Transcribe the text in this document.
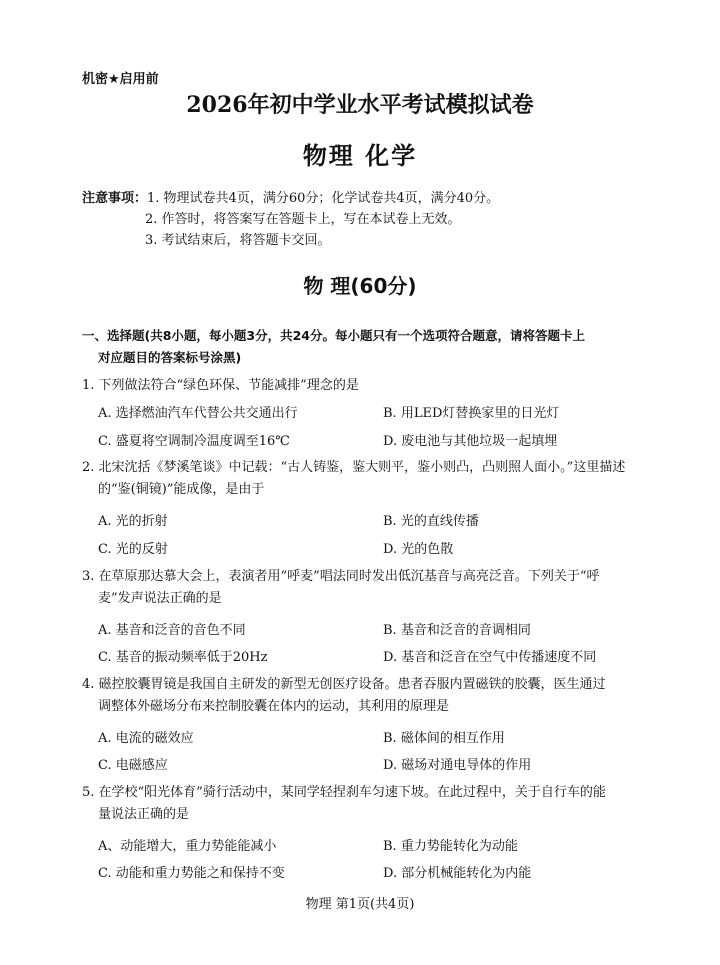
机密★启用前
2026年初中学业水平考试模拟试卷
物理 化学
注意事项：1. 物理试卷共4页，满分60分；化学试卷共4页，满分40分。
2. 作答时，将答案写在答题卡上，写在本试卷上无效。
3. 考试结束后，将答题卡交回。
物 理(60分)
一、选择题(共8小题，每小题3分，共24分。每小题只有一个选项符合题意，请将答题卡上
对应题目的答案标号涂黑)
1. 下列做法符合“绿色环保、节能减排”理念的是
A. 选择燃油汽车代替公共交通出行	B. 用LED灯替换家里的日光灯
C. 盛夏将空调制冷温度调至16℃	D. 废电池与其他垃圾一起填埋
2. 北宋沈括《梦溪笔谈》中记载：“古人铸鉴，鉴大则平，鉴小则凸，凸则照人面小。”这里描述
的“鉴(铜镜)”能成像，是由于
A. 光的折射	B. 光的直线传播
C. 光的反射	D. 光的色散
3. 在草原那达慕大会上，表演者用“呼麦”唱法同时发出低沉基音与高亮泛音。下列关于“呼
麦”发声说法正确的是
A. 基音和泛音的音色不同	B. 基音和泛音的音调相同
C. 基音的振动频率低于20Hz	D. 基音和泛音在空气中传播速度不同
4. 磁控胶囊胃镜是我国自主研发的新型无创医疗设备。患者吞服内置磁铁的胶囊，医生通过
调整体外磁场分布来控制胶囊在体内的运动，其利用的原理是
A. 电流的磁效应	B. 磁体间的相互作用
C. 电磁感应	D. 磁场对通电导体的作用
5. 在学校“阳光体育”骑行活动中，某同学轻捏刹车匀速下坡。在此过程中，关于自行车的能
量说法正确的是
A、动能增大，重力势能能减小	B. 重力势能转化为动能
C. 动能和重力势能之和保持不变	D. 部分机械能转化为内能
物理 第1页(共4页)
